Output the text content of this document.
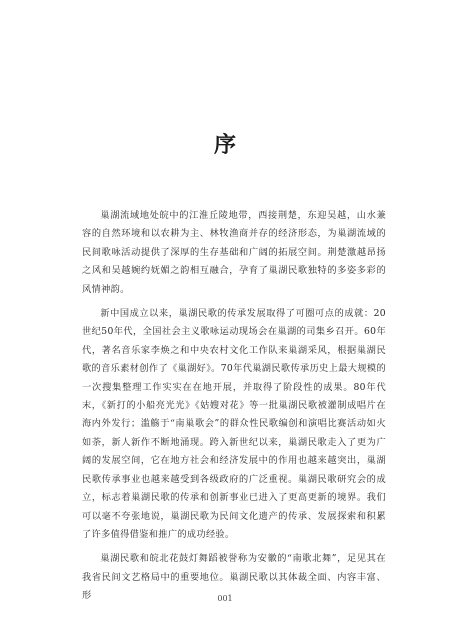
序

巢湖流域地处皖中的江淮丘陵地带，西接荆楚，东迎吴越，山水兼容的自然环境和以农耕为主、林牧渔商并存的经济形态，为巢湖流域的民间歌咏活动提供了深厚的生存基础和广阔的拓展空间。荆楚激越昂扬之风和吴越婉约妩媚之韵相互融合，孕育了巢湖民歌独特的多姿多彩的风情神韵。

新中国成立以来，巢湖民歌的传承发展取得了可圈可点的成就：20世纪50年代，全国社会主义歌咏运动现场会在巢湖的司集乡召开。60年代，著名音乐家李焕之和中央农村文化工作队来巢湖采风，根据巢湖民歌的音乐素材创作了《巢湖好》。70年代巢湖民歌传承历史上最大规模的一次搜集整理工作实实在在地开展，并取得了阶段性的成果。80年代末，《新打的小船亮光光》《姑嫂对花》等一批巢湖民歌被灌制成唱片在海内外发行；滥觞于“南巢歌会”的群众性民歌编创和演唱比赛活动如火如荼，新人新作不断地涌现。跨入新世纪以来，巢湖民歌走入了更为广阔的发展空间，它在地方社会和经济发展中的作用也越来越突出，巢湖民歌传承事业也越来越受到各级政府的广泛重视。巢湖民歌研究会的成立，标志着巢湖民歌的传承和创新事业已进入了更高更新的境界。我们可以毫不夸张地说，巢湖民歌为民间文化遗产的传承、发展探索和积累了许多值得借鉴和推广的成功经验。

巢湖民歌和皖北花鼓灯舞蹈被誉称为安徽的“南歌北舞”，足见其在我省民间文艺格局中的重要地位。巢湖民歌以其体裁全面、内容丰富、形	001
